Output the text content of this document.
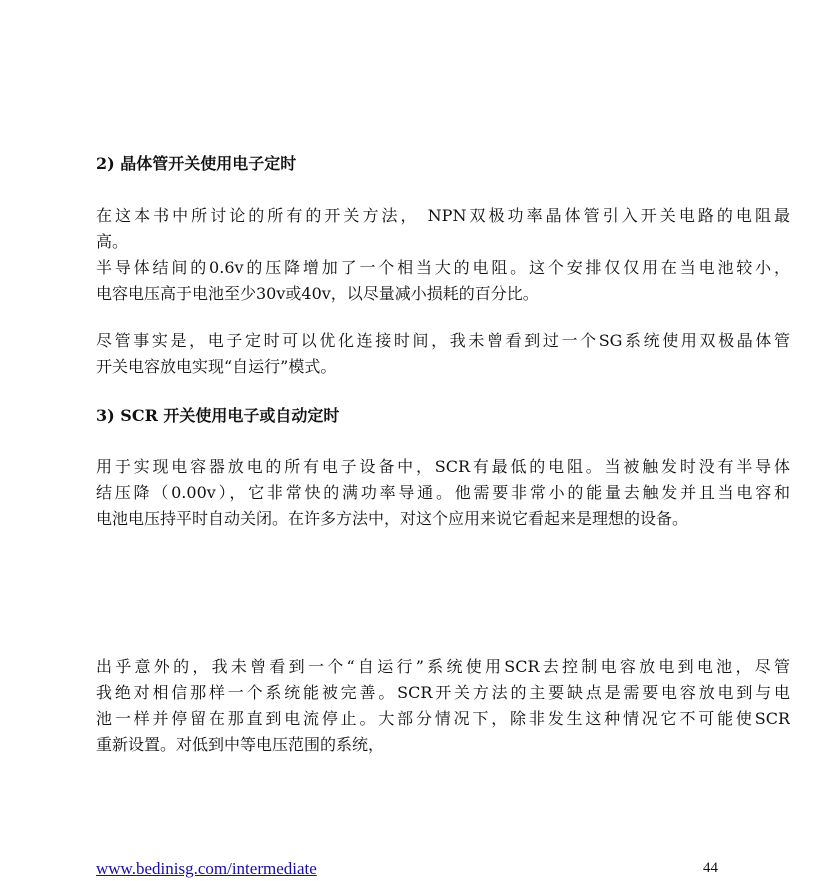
2) 晶体管开关使用电子定时
在这本书中所讨论的所有的开关方法， NPN双极功率晶体管引入开关电路的电阻最
高。
半导体结间的0.6v的压降增加了一个相当大的电阻。这个安排仅仅用在当电池较小，
电容电压高于电池至少30v或40v，以尽量减小损耗的百分比。
尽管事实是，电子定时可以优化连接时间，我未曾看到过一个SG系统使用双极晶体管
开关电容放电实现“自运行”模式。
3) SCR 开关使用电子或自动定时
用于实现电容器放电的所有电子设备中，SCR有最低的电阻。当被触发时没有半导体
结压降（0.00v），它非常快的满功率导通。他需要非常小的能量去触发并且当电容和
电池电压持平时自动关闭。在许多方法中，对这个应用来说它看起来是理想的设备。
出乎意外的，我未曾看到一个“自运行”系统使用SCR去控制电容放电到电池，尽管
我绝对相信那样一个系统能被完善。SCR开关方法的主要缺点是需要电容放电到与电
池一样并停留在那直到电流停止。大部分情况下，除非发生这种情况它不可能使SCR
重新设置。对低到中等电压范围的系统，
www.bedinisg.com/intermediate	44
